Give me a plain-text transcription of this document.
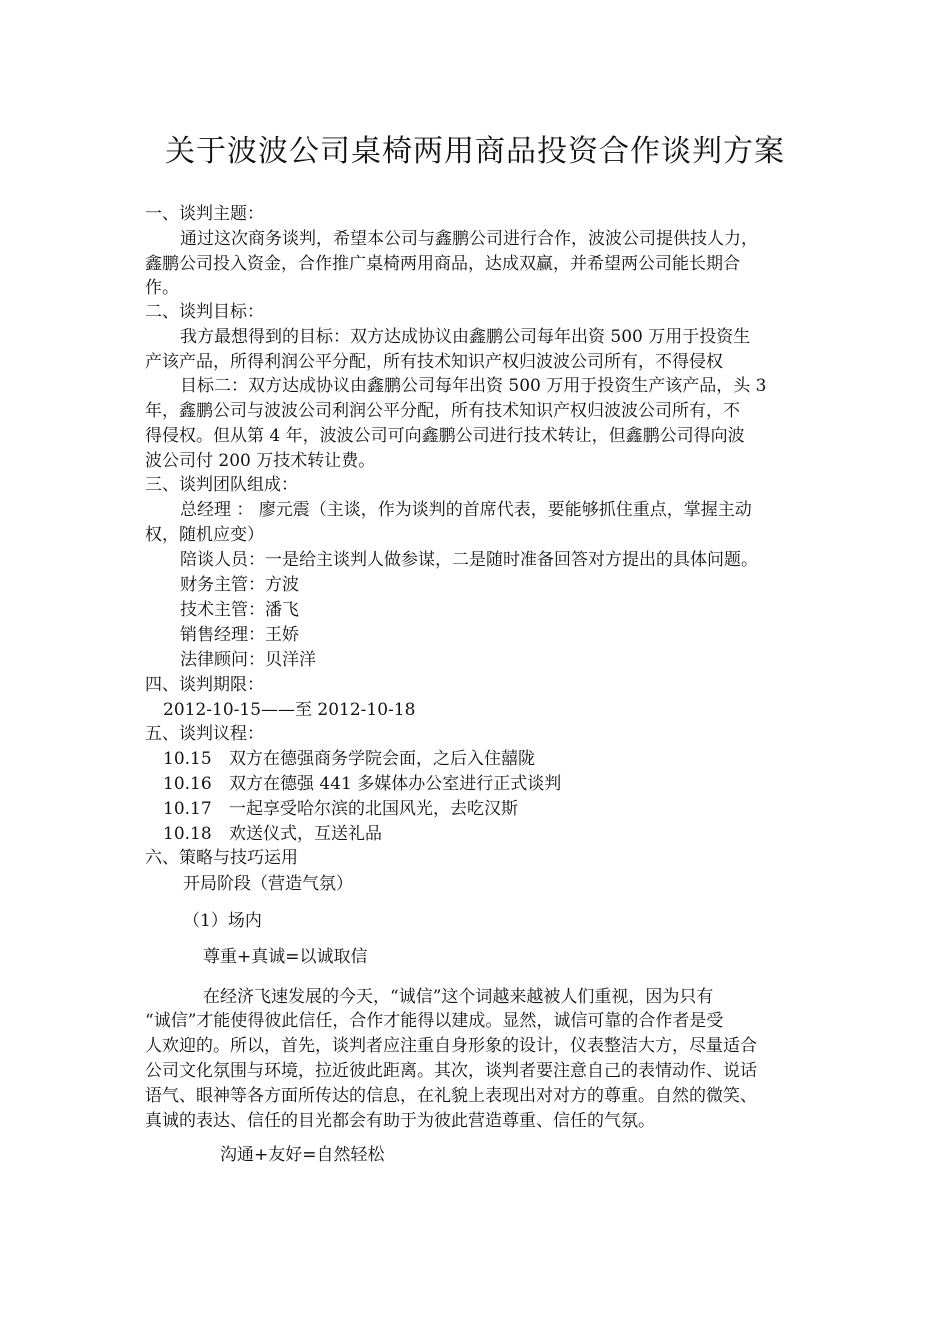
关于波波公司桌椅两用商品投资合作谈判方案
一、谈判主题：
通过这次商务谈判，希望本公司与鑫鹏公司进行合作，波波公司提供技人力，
鑫鹏公司投入资金，合作推广桌椅两用商品，达成双赢，并希望两公司能长期合
作。
二、谈判目标：
我方最想得到的目标：双方达成协议由鑫鹏公司每年出资 500 万用于投资生
产该产品，所得利润公平分配，所有技术知识产权归波波公司所有，不得侵权
目标二：双方达成协议由鑫鹏公司每年出资 500 万用于投资生产该产品，头 3
年，鑫鹏公司与波波公司利润公平分配，所有技术知识产权归波波公司所有，不
得侵权。但从第 4 年，波波公司可向鑫鹏公司进行技术转让，但鑫鹏公司得向波
波公司付 200 万技术转让费。
三、谈判团队组成：
总经理 ： 廖元震（主谈，作为谈判的首席代表，要能够抓住重点，掌握主动
权，随机应变）
陪谈人员：一是给主谈判人做参谋，二是随时准备回答对方提出的具体问题。
财务主管：方波
技术主管：潘飞
销售经理：王娇
法律顾问：贝洋洋
四、谈判期限：
2012-10-15——至 2012-10-18
五、谈判议程：
10.15 双方在德强商务学院会面，之后入住囍陇
10.16 双方在德强 441 多媒体办公室进行正式谈判
10.17 一起享受哈尔滨的北国风光，去吃汉斯
10.18 欢送仪式，互送礼品
六、策略与技巧运用
开局阶段（营造气氛）
（1）场内
尊重+真诚=以诚取信
在经济飞速发展的今天，“诚信”这个词越来越被人们重视，因为只有
“诚信”才能使得彼此信任，合作才能得以建成。显然，诚信可靠的合作者是受
人欢迎的。所以，首先，谈判者应注重自身形象的设计，仪表整洁大方，尽量适合
公司文化氛围与环境，拉近彼此距离。其次，谈判者要注意自己的表情动作、说话
语气、眼神等各方面所传达的信息，在礼貌上表现出对对方的尊重。自然的微笑、
真诚的表达、信任的目光都会有助于为彼此营造尊重、信任的气氛。
沟通+友好=自然轻松
